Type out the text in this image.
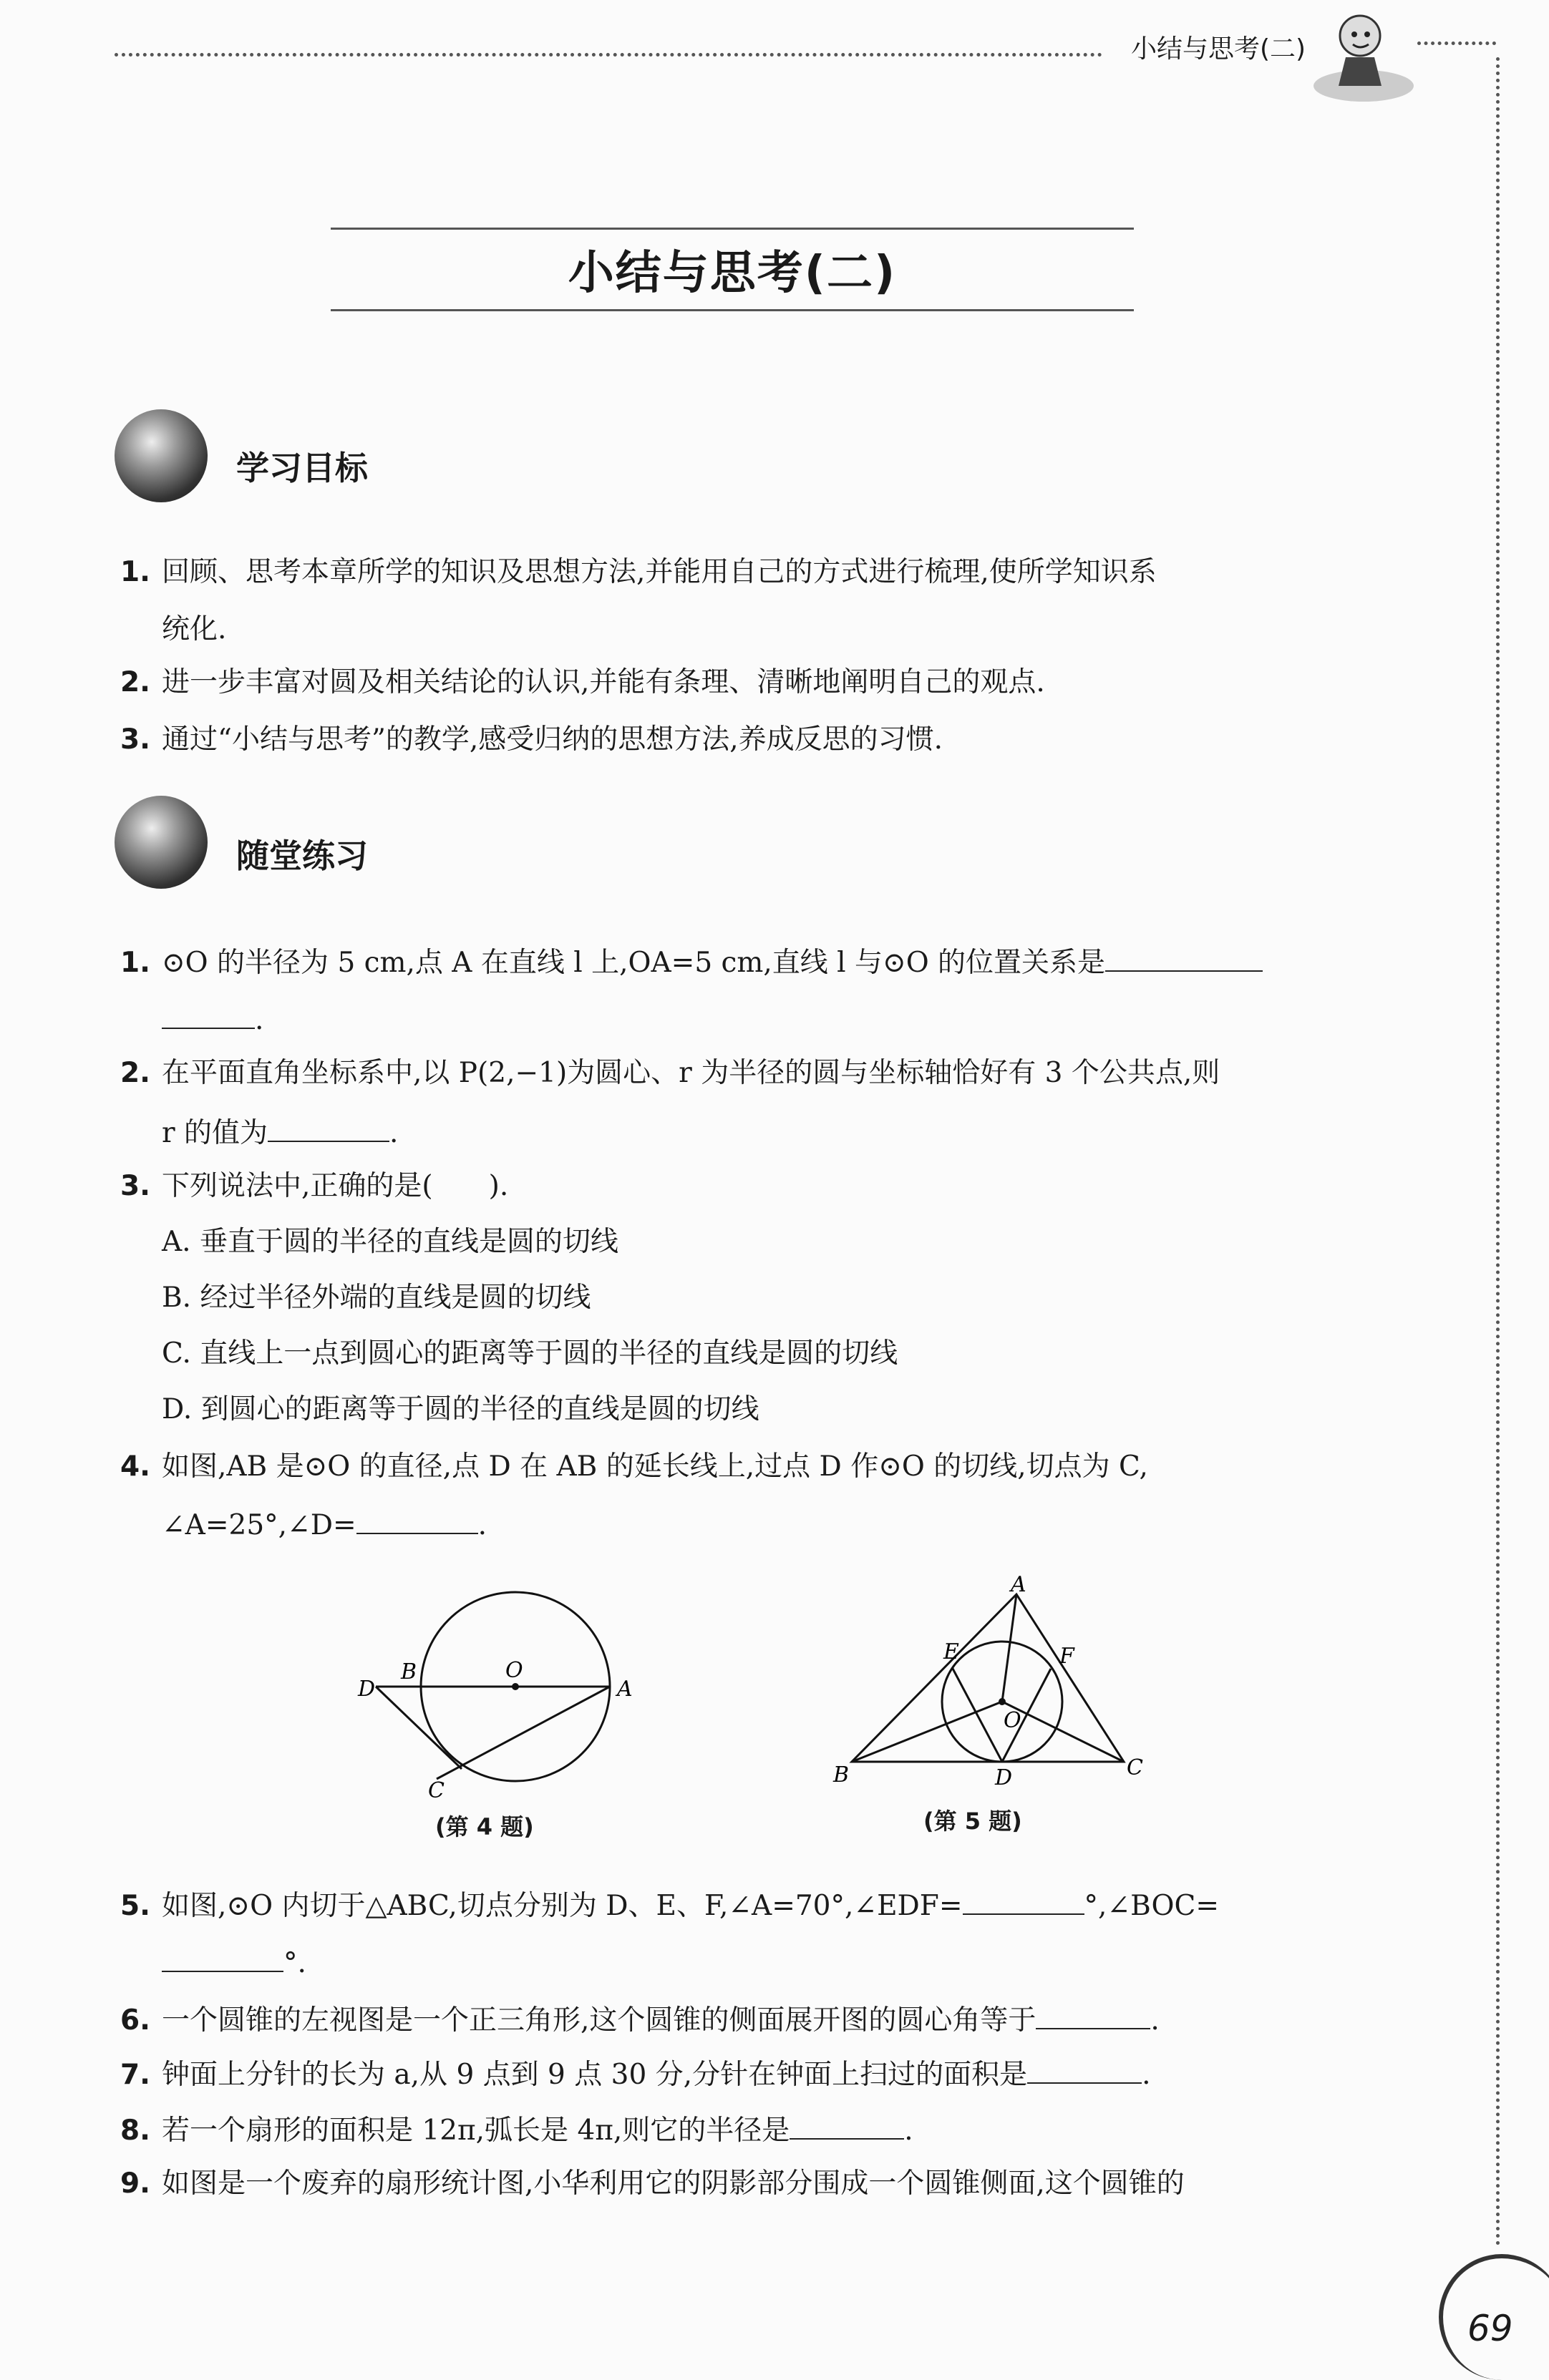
小结与思考(二)
小结与思考(二)
学习目标
1. 回顾、思考本章所学的知识及思想方法,并能用自己的方式进行梳理,使所学知识系
统化.
2. 进一步丰富对圆及相关结论的认识,并能有条理、清晰地阐明自己的观点.
3. 通过“小结与思考”的教学,感受归纳的思想方法,养成反思的习惯.
随堂练习
1. ⊙O 的半径为 5 cm,点 A 在直线 l 上,OA=5 cm,直线 l 与⊙O 的位置关系是
.
2. 在平面直角坐标系中,以 P(2,−1)为圆心、r 为半径的圆与坐标轴恰好有 3 个公共点,则
r 的值为	.
3. 下列说法中,正确的是(　　).
A. 垂直于圆的半径的直线是圆的切线
B. 经过半径外端的直线是圆的切线
C. 直线上一点到圆心的距离等于圆的半径的直线是圆的切线
D. 到圆心的距离等于圆的半径的直线是圆的切线
4. 如图,AB 是⊙O 的直径,点 D 在 AB 的延长线上,过点 D 作⊙O 的切线,切点为 C,
∠A=25°,∠D=	.
D
B	O
A
C
(第 4 题)
A
E	F
O
B	D	C
(第 5 题)
5. 如图,⊙O 内切于△ABC,切点分别为 D、E、F,∠A=70°,∠EDF=	°,∠BOC=
°.
6. 一个圆锥的左视图是一个正三角形,这个圆锥的侧面展开图的圆心角等于	.
7. 钟面上分针的长为 a,从 9 点到 9 点 30 分,分针在钟面上扫过的面积是	.
8. 若一个扇形的面积是 12π,弧长是 4π,则它的半径是	.
9. 如图是一个废弃的扇形统计图,小华利用它的阴影部分围成一个圆锥侧面,这个圆锥的
69
